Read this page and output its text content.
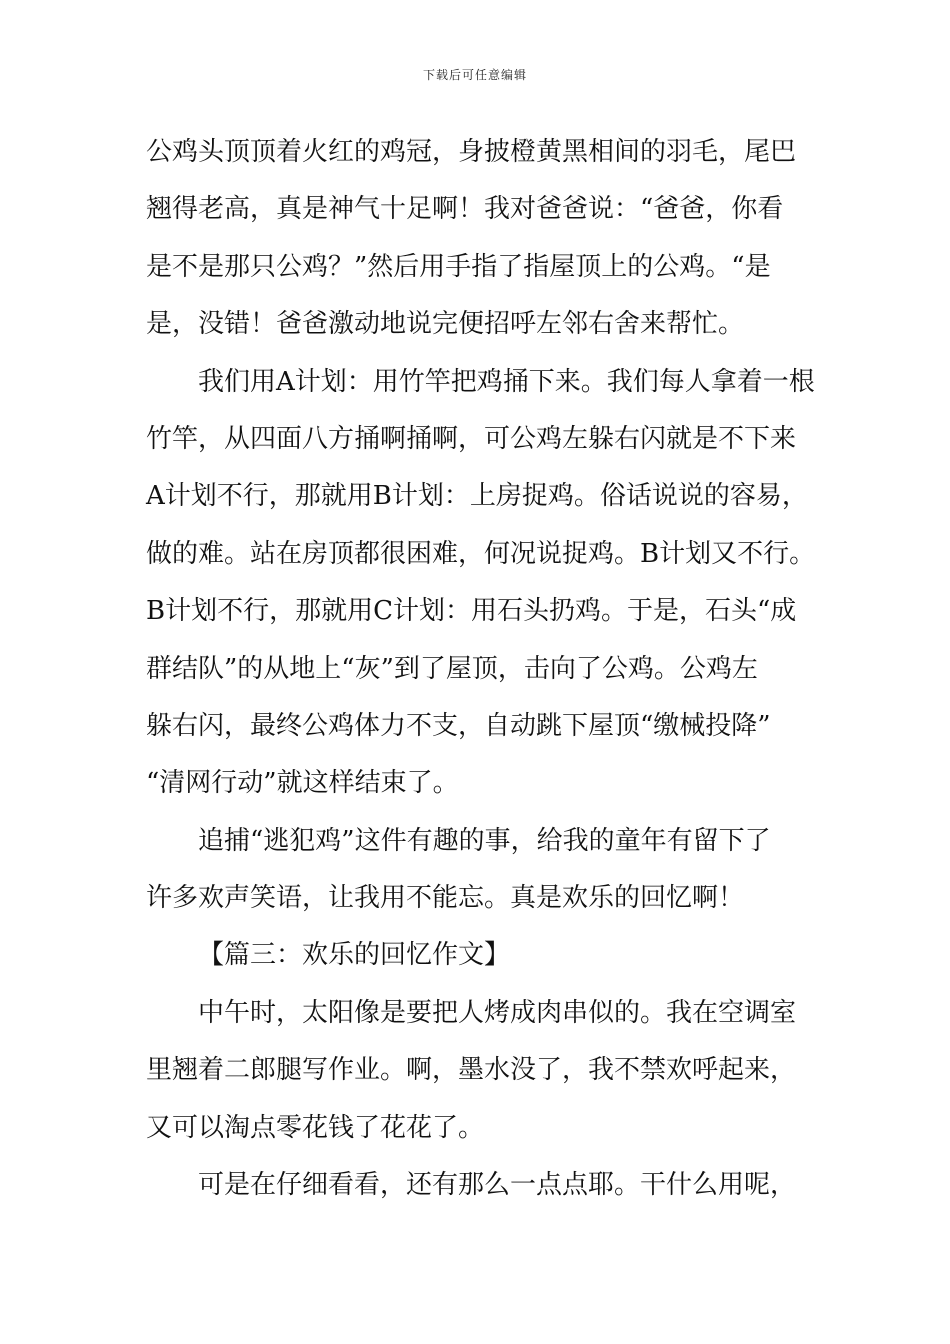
下载后可任意编辑
公鸡头顶顶着火红的鸡冠，身披橙黄黑相间的羽毛，尾巴
翘得老高，真是神气十足啊！我对爸爸说：“爸爸，你看
是不是那只公鸡？”然后用手指了指屋顶上的公鸡。“是
是，没错！爸爸激动地说完便招呼左邻右舍来帮忙。
我们用A计划：用竹竿把鸡捅下来。我们每人拿着一根
竹竿，从四面八方捅啊捅啊，可公鸡左躲右闪就是不下来
A计划不行，那就用B计划：上房捉鸡。俗话说说的容易，
做的难。站在房顶都很困难，何况说捉鸡。B计划又不行。
B计划不行，那就用C计划：用石头扔鸡。于是，石头“成
群结队”的从地上“灰”到了屋顶，击向了公鸡。公鸡左
躲右闪，最终公鸡体力不支，自动跳下屋顶“缴械投降”
“清网行动”就这样结束了。
追捕“逃犯鸡”这件有趣的事，给我的童年有留下了
许多欢声笑语，让我用不能忘。真是欢乐的回忆啊！
【篇三：欢乐的回忆作文】
中午时，太阳像是要把人烤成肉串似的。我在空调室
里翘着二郎腿写作业。啊，墨水没了，我不禁欢呼起来，
又可以淘点零花钱了花花了。
可是在仔细看看，还有那么一点点耶。干什么用呢，
